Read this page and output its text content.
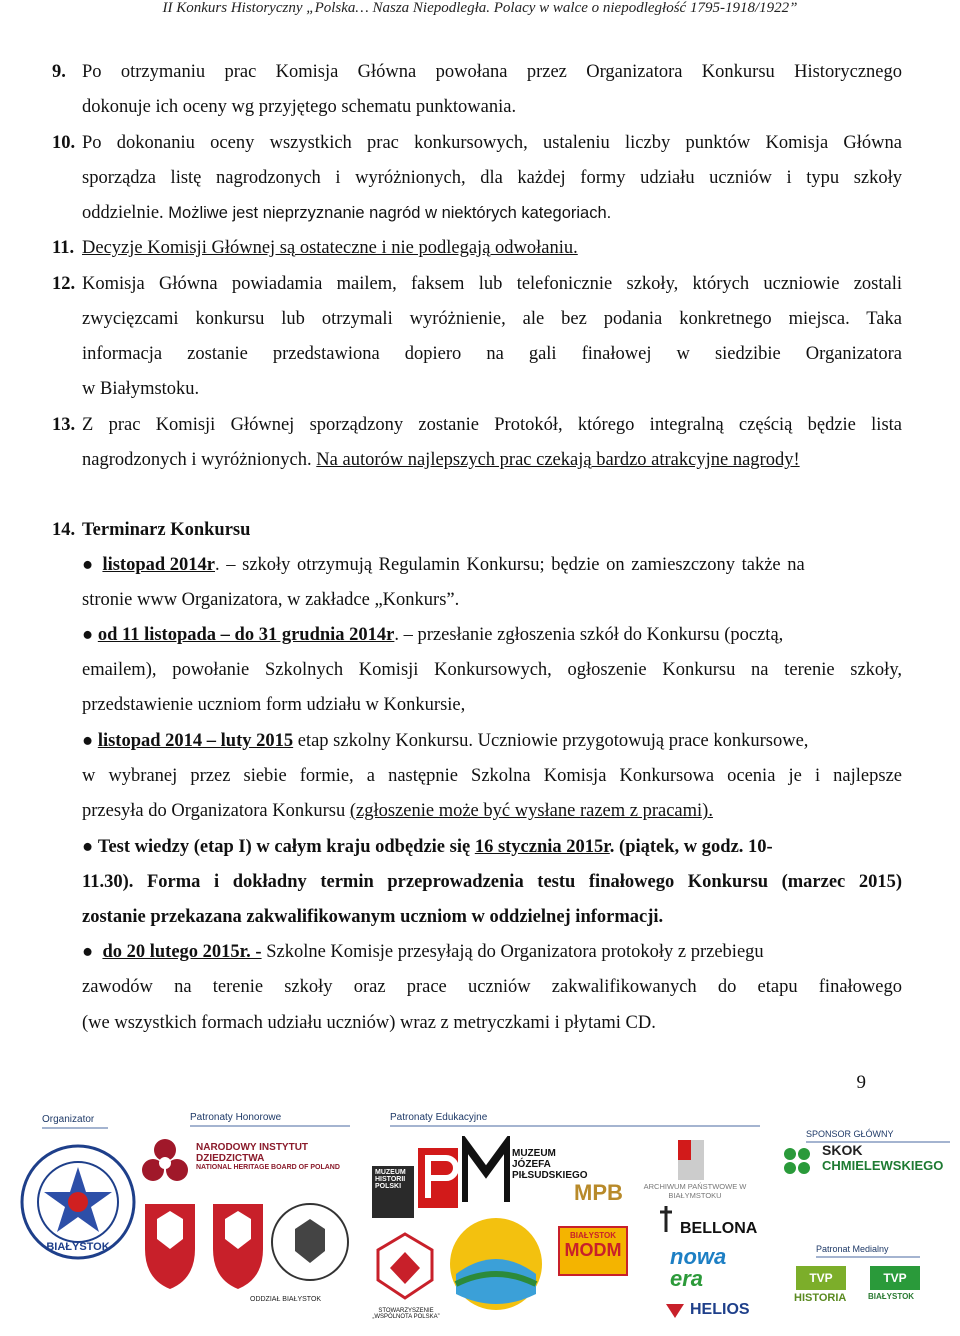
II Konkurs Historyczny „Polska… Nasza Niepodległa. Polacy w walce o niepodległość 1795-1918/1922”
9. Po otrzymaniu prac Komisja Główna powołana przez Organizatora Konkursu Historycznego
dokonuje ich oceny wg przyjętego schematu punktowania.
10. Po dokonaniu oceny wszystkich prac konkursowych, ustaleniu liczby punktów Komisja Główna
sporządza listę nagrodzonych i wyróżnionych, dla każdej formy udziału uczniów i typu szkoły
oddzielnie. Możliwe jest nieprzyznanie nagród w niektórych kategoriach.
11. Decyzje Komisji Głównej są ostateczne i nie podlegają odwołaniu.
12. Komisja Główna powiadamia mailem, faksem lub telefonicznie szkoły, których uczniowie zostali
zwycięzcami konkursu lub otrzymali wyróżnienie, ale bez podania konkretnego miejsca. Taka
informacja zostanie przedstawiona dopiero na gali finałowej w siedzibie Organizatora
w Białymstoku.
13. Z prac Komisji Głównej sporządzony zostanie Protokół, którego integralną częścią będzie lista
nagrodzonych i wyróżnionych. Na autorów najlepszych prac czekają bardzo atrakcyjne nagrody!
14. Terminarz Konkursu
● listopad 2014r. – szkoły otrzymują Regulamin Konkursu; będzie on zamieszczony także na
stronie www Organizatora, w zakładce „Konkurs”.
● od 11 listopada – do 31 grudnia 2014r. – przesłanie zgłoszenia szkół do Konkursu (pocztą,
emailem), powołanie Szkolnych Komisji Konkursowych, ogłoszenie Konkursu na terenie szkoły,
przedstawienie uczniom form udziału w Konkursie,
● listopad 2014 – luty 2015 etap szkolny Konkursu. Uczniowie przygotowują prace konkursowe,
w wybranej przez siebie formie, a następnie Szkolna Komisja Konkursowa ocenia je i najlepsze
przesyła do Organizatora Konkursu (zgłoszenie może być wysłane razem z pracami).
● Test wiedzy (etap I) w całym kraju odbędzie się 16 stycznia 2015r. (piątek, w godz. 10-
11.30). Forma i dokładny termin przeprowadzenia testu finałowego Konkursu (marzec 2015)
zostanie przekazana zakwalifikowanym uczniom w oddzielnej informacji.
● do 20 lutego 2015r. - Szkolne Komisje przesyłają do Organizatora protokoły z przebiegu
zawodów na terenie szkoły oraz prace uczniów zakwalifikowanych do etapu finałowego
(we wszystkich formach udziału uczniów) wraz z metryczkami i płytami CD.
9
Organizator	Patronaty Honorowe	Patronaty Edukacyjne
SPONSOR GŁÓWNY
Patronat Medialny
BIAŁYSTOK
NARODOWY INSTYTUT
DZIEDZICTWA
NATIONAL HERITAGE BOARD OF POLAND
ODDZIAŁ BIAŁYSTOK
MUZEUM HISTORII POLSKI
MUZEUM
JÓZEFA
PIŁSUDSKIEGO
MPB	ARCHIWUM PAŃSTWOWE W BIAŁYMSTOKU
SKOK
CHMIELEWSKIEGO
STOWARZYSZENIE „WSPÓLNOTA POLSKA”
BIAŁYSTOK
MODM
BELLONA
nowa
era
HELIOS
TVP
HISTORIA
TVP
BIAŁYSTOK
